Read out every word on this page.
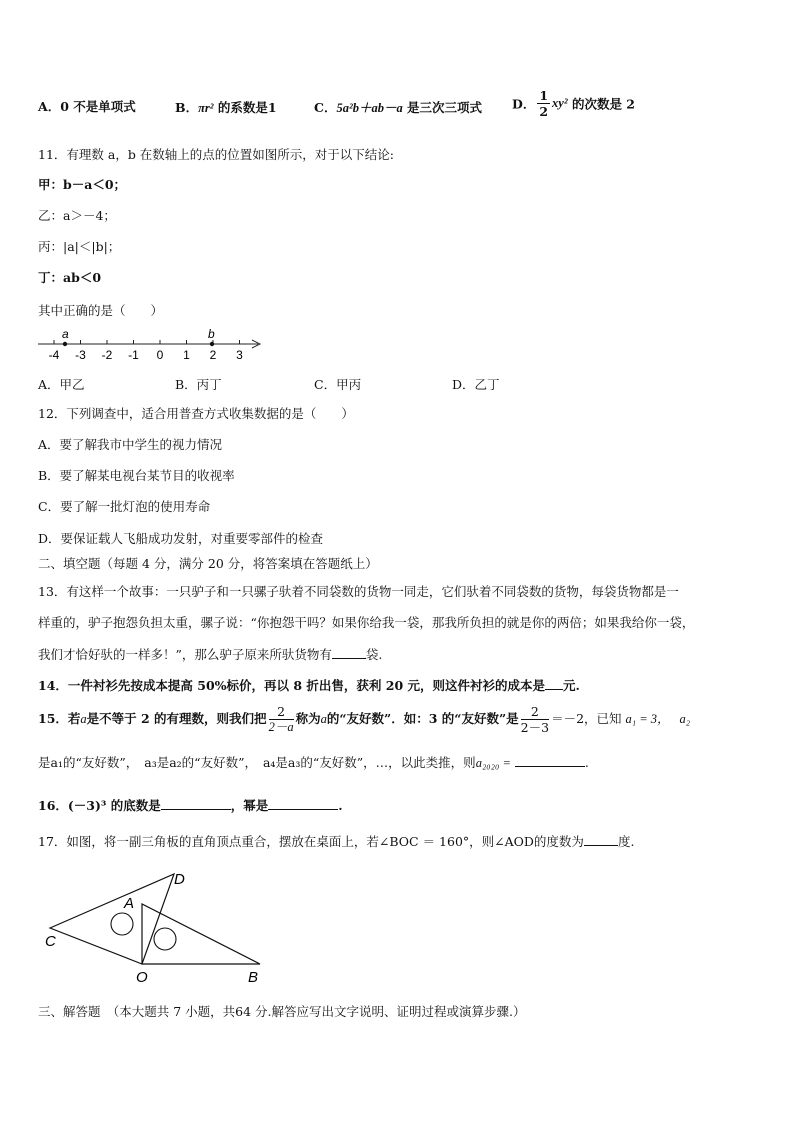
A．0 不是单项式	B．πr² 的系数是1	C．5a²b＋ab－a 是三次三项式 D． $\frac{1}{2} xy^2$ 的次数是 2
11．有理数 a，b 在数轴上的点的位置如图所示，对于以下结论:
甲：b－a＜0；
乙：a＞－4；
丙：|a|＜|b|；
丁：ab＜0
其中正确的是（　　）
-4 -3 -2 -1 0 1 2 3
a	b
A．甲乙	B．丙丁	C．甲丙	D．乙丁
12．下列调查中，适合用普查方式收集数据的是（　　）
A．要了解我市中学生的视力情况
B．要了解某电视台某节目的收视率
C．要了解一批灯泡的使用寿命
D．要保证载人飞船成功发射，对重要零部件的检查
二、填空题（每题 4 分，满分 20 分，将答案填在答题纸上）
13．有这样一个故事：一只驴子和一只骡子驮着不同袋数的货物一同走，它们驮着不同袋数的货物，每袋货物都是一
样重的，驴子抱怨负担太重，骡子说：“你抱怨干吗？如果你给我一袋，那我所负担的就是你的两倍；如果我给你一袋，
我们才恰好驮的一样多！”，那么驴子原来所驮货物有	袋.
14．一件衬衫先按成本提高 50%标价，再以 8 折出售，获利 20 元，则这件衬衫的成本是 元.
15．若a是不等于 2 的有理数，则我们把 $\frac{2}{2-a}$ 称为a的“友好数”．如：3 的“友好数”是 $\frac{2}{2-3} =-2$，已知 a₁ = 3， a₂
是a₁的“友好数”， a₃是a₂的“友好数”， a₄是a₃的“友好数”，…，以此类推，则a₂₀₂₀ =	.
16．(－3)³ 的底数是	，幂是	.
17．如图，将一副三角板的直角顶点重合，摆放在桌面上，若∠BOC ＝ 160°，则∠AOD的度数为	度.
D
A
C
O	B
三、解答题　（本大题共 7 小题，共64 分.解答应写出文字说明、证明过程或演算步骤.）
